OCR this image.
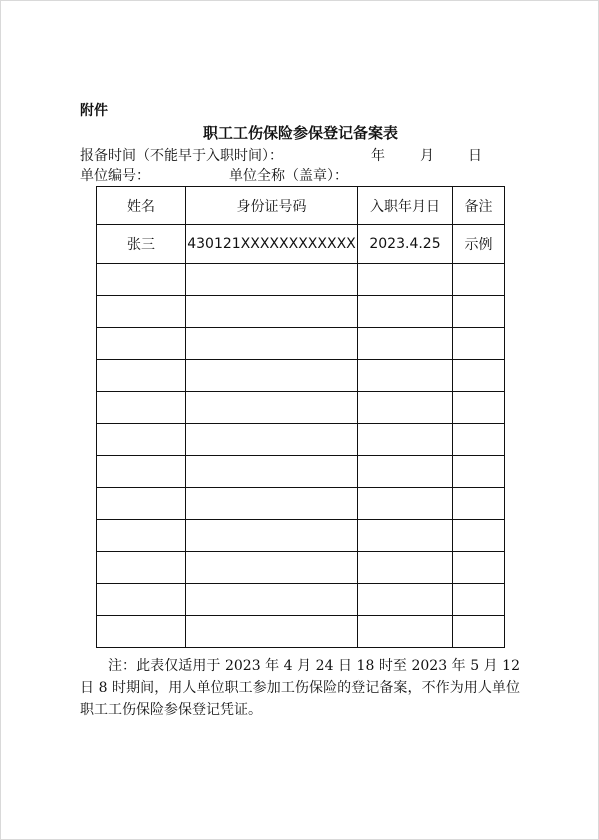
附件
职工工伤保险参保登记备案表
报备时间（不能早于入职时间）：	年	月 日
单位编号：	单位全称（盖章）：
姓名	身份证号码	入职年月日	备注
张三	430121XXXXXXXXXXXX	2023.4.25	示例

注：此表仅适用于 2023 年 4 月 24 日 18 时至 2023 年 5 月 12 日 8 时期间，用人单位职工参加工伤保险的登记备案，不作为用人单位职工工伤保险参保登记凭证。
